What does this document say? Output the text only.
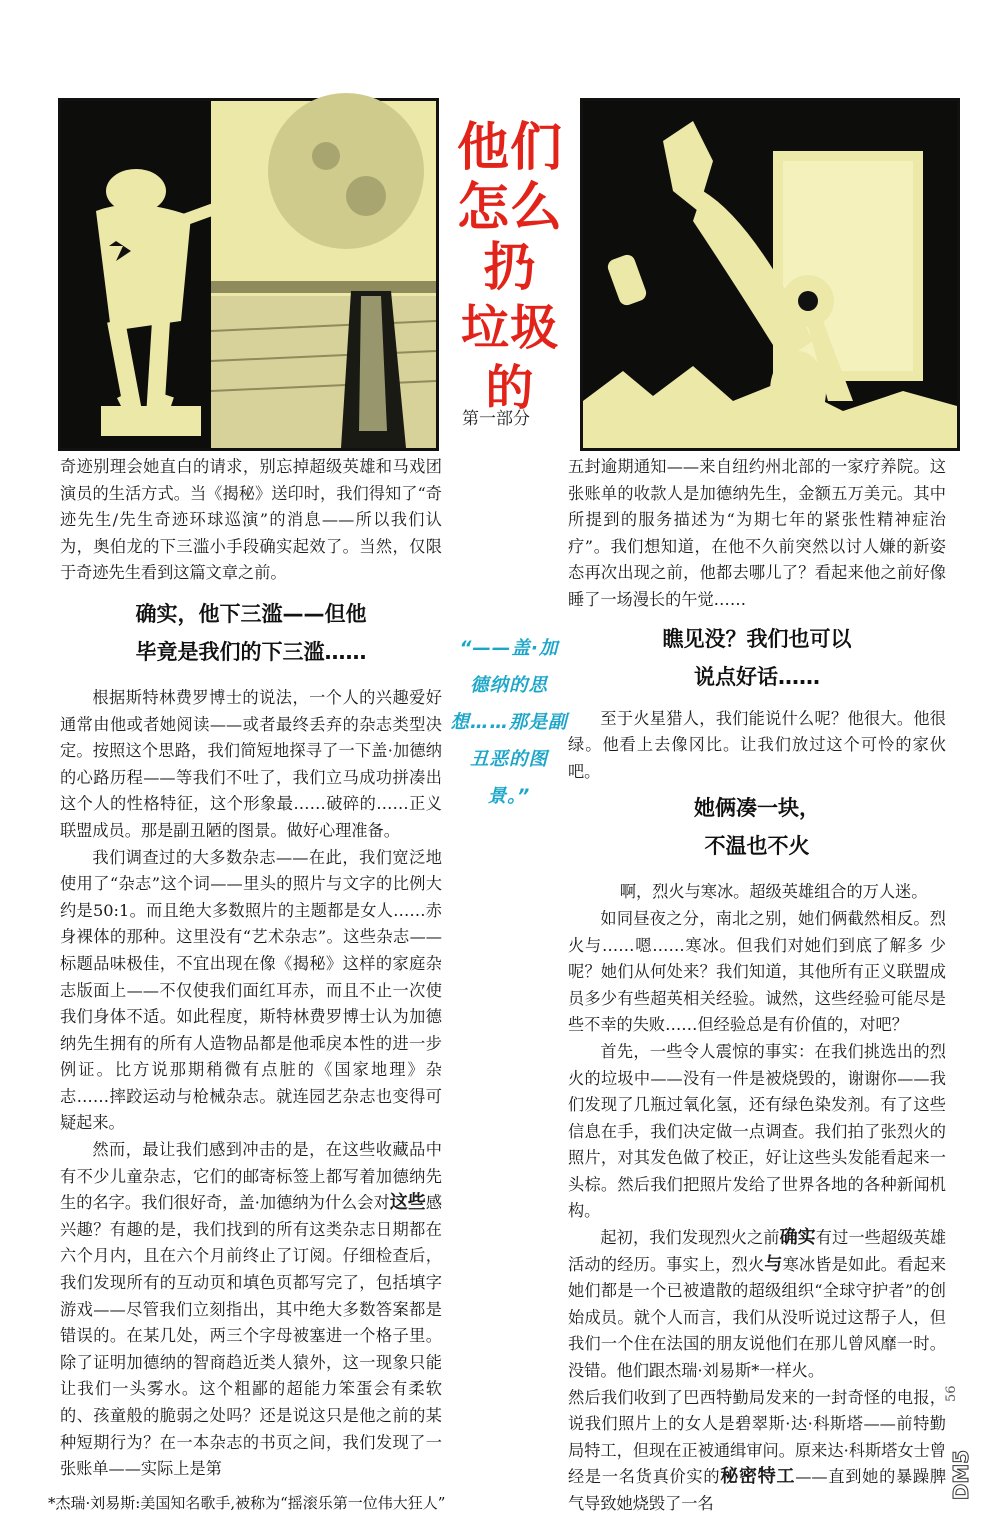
他们
怎么
扔
垃圾的
第一部分

奇迹别理会她直白的请求，别忘掉超级英雄和马戏团演员的生活方式。当《揭秘》送印时，我们得知了“奇迹先生/先生奇迹环球巡演”的消息——所以我们认为，奥伯龙的下三滥小手段确实起效了。当然，仅限于奇迹先生看到这篇文章之前。

确实，他下三滥——但他
毕竟是我们的下三滥……

根据斯特林费罗博士的说法，一个人的兴趣爱好通常由他或者她阅读——或者最终丢弃的杂志类型决定。按照这个思路，我们简短地探寻了一下盖·加德纳的心路历程——等我们不吐了，我们立马成功拼凑出这个人的性格特征，这个形象最……破碎的……正义联盟成员。那是副丑陋的图景。做好心理准备。

我们调查过的大多数杂志——在此，我们宽泛地使用了“杂志”这个词——里头的照片与文字的比例大约是50:1。而且绝大多数照片的主题都是女人……赤身裸体的那种。这里没有“艺术杂志”。这些杂志——标题品味极佳，不宜出现在像《揭秘》这样的家庭杂志版面上——不仅使我们面红耳赤，而且不止一次使我们身体不适。如此程度，斯特林费罗博士认为加德纳先生拥有的所有人造物品都是他乖戾本性的进一步例证。比方说那期稍微有点脏的《国家地理》杂志……摔跤运动与枪械杂志。就连园艺杂志也变得可疑起来。

然而，最让我们感到冲击的是，在这些收藏品中有不少儿童杂志，它们的邮寄标签上都写着加德纳先生的名字。我们很好奇，盖·加德纳为什么会对这些感兴趣？有趣的是，我们找到的所有这类杂志日期都在六个月内，且在六个月前终止了订阅。仔细检查后，我们发现所有的互动页和填色页都写完了，包括填字游戏——尽管我们立刻指出，其中绝大多数答案都是错误的。在某几处，两三个字母被塞进一个格子里。除了证明加德纳的智商趋近类人猿外，这一现象只能让我们一头雾水。这个粗鄙的超能力笨蛋会有柔软的、孩童般的脆弱之处吗？还是说这只是他之前的某种短期行为？在一本杂志的书页之间，我们发现了一张账单——实际上是第

“——盖·加德纳的思想……那是副丑恶的图景。”

五封逾期通知——来自纽约州北部的一家疗养院。这张账单的收款人是加德纳先生，金额五万美元。其中所提到的服务描述为“为期七年的紧张性精神症治疗”。我们想知道，在他不久前突然以讨人嫌的新姿态再次出现之前，他都去哪儿了？看起来他之前好像睡了一场漫长的午觉……

瞧见没？我们也可以
说点好话……

至于火星猎人，我们能说什么呢？他很大。他很绿。他看上去像冈比。让我们放过这个可怜的家伙吧。

她俩凑一块，
不温也不火

啊，烈火与寒冰。超级英雄组合的万人迷。

如同昼夜之分，南北之别，她们俩截然相反。烈火与……嗯……寒冰。但我们对她们到底了解多 少呢？她们从何处来？我们知道，其他所有正义联盟成员多少有些超英相关经验。诚然，这些经验可能尽是些不幸的失败……但经验总是有价值的，对吧？

首先，一些令人震惊的事实：在我们挑选出的烈火的垃圾中——没有一件是被烧毁的，谢谢你——我们发现了几瓶过氧化氢，还有绿色染发剂。有了这些信息在手，我们决定做一点调查。我们拍了张烈火的照片，对其发色做了校正，好让这些头发能看起来一头棕。然后我们把照片发给了世界各地的各种新闻机构。

起初，我们发现烈火之前确实有过一些超级英雄活动的经历。事实上，烈火与寒冰皆是如此。看起来她们都是一个已被遣散的超级组织“全球守护者”的创始成员。就个人而言，我们从没听说过这帮子人，但我们一个住在法国的朋友说他们在那儿曾风靡一时。没错。他们跟杰瑞·刘易斯*一样火。

然后我们收到了巴西特勤局发来的一封奇怪的电报，说我们照片上的女人是碧翠斯·达·科斯塔——前特勤局特工，但现在正被通缉审问。原来达·科斯塔女士曾经是一名货真价实的秘密特工——直到她的暴躁脾气导致她烧毁了一名

*杰瑞·刘易斯:美国知名歌手,被称为“摇滚乐第一位伟大狂人”
56
DM5
